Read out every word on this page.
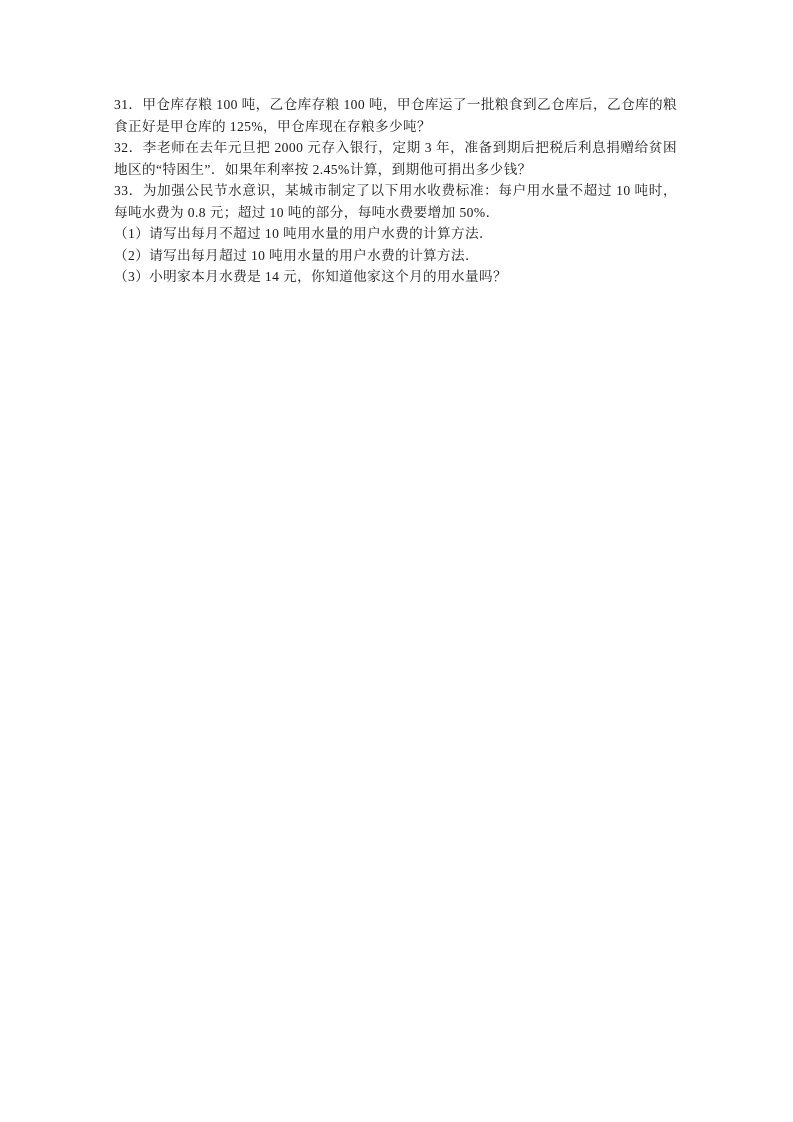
31．甲仓库存粮 100 吨，乙仓库存粮 100 吨，甲仓库运了一批粮食到乙仓库后，乙仓库的粮
食正好是甲仓库的 125%，甲仓库现在存粮多少吨？
32．李老师在去年元旦把 2000 元存入银行，定期 3 年，准备到期后把税后利息捐赠给贫困
地区的“特困生”．如果年利率按 2.45%计算，到期他可捐出多少钱？
33．为加强公民节水意识，某城市制定了以下用水收费标准：每户用水量不超过 10 吨时，
每吨水费为 0.8 元；超过 10 吨的部分，每吨水费要增加 50%．
（1）请写出每月不超过 10 吨用水量的用户水费的计算方法．
（2）请写出每月超过 10 吨用水量的用户水费的计算方法．
（3）小明家本月水费是 14 元，你知道他家这个月的用水量吗？
